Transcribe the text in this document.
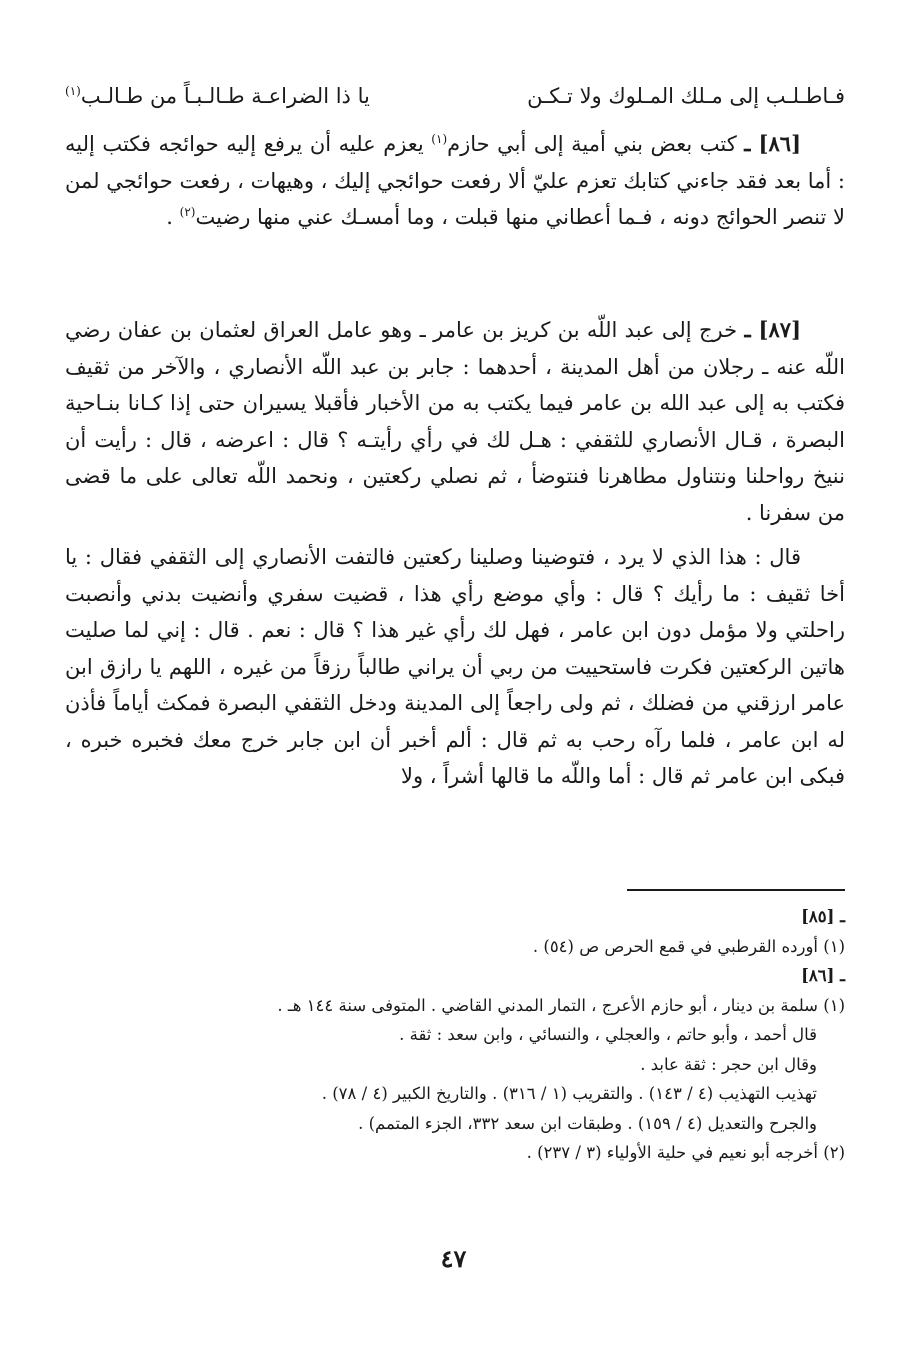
فـاطـلـب إلى مـلك المـلوك ولا تـكـن
يا ذا الضراعـة طـالـبـاً من طـالـب$^{(١)}$

[٨٦] ـ كتب بعض بني أمية إلى أبي حازم$^{(١)}$ يعزم عليه أن يرفع إليه حوائجه فكتب إليه : أما بعد فقد جاءني كتابك تعزم عليّ ألا رفعت حوائجي إليك ، وهيهات ، رفعت حوائجي لمن لا تنصر الحوائج دونه ، فـما أعطاني منها قبلت ، وما أمسـك عني منها رضيت$^{(٢)}$ .

[٨٧] ـ خرج إلى عبد اللّه بن كريز بن عامر ـ وهو عامل العراق لعثمان بن عفان رضي اللّه عنه ـ رجلان من أهل المدينة ، أحدهما : جابر بن عبد اللّه الأنصاري ، والآخر من ثقيف فكتب به إلى عبد الله بن عامر فيما يكتب به من الأخبار فأقبلا يسيران حتى إذا كـانا بنـاحية البصرة ، قـال الأنصاري للثقفي : هـل لك في رأي رأيتـه ؟ قال : اعرضه ، قال : رأيت أن ننيخ رواحلنا ونتناول مطاهرنا فنتوضأ ، ثم نصلي ركعتين ، ونحمد اللّه تعالى على ما قضى من سفرنا .

قال : هذا الذي لا يرد ، فتوضينا وصلينا ركعتين فالتفت الأنصاري إلى الثقفي فقال : يا أخا ثقيف : ما رأيك ؟ قال : وأي موضع رأي هذا ، قضيت سفري وأنضيت بدني وأنصبت راحلتي ولا مؤمل دون ابن عامر ، فهل لك رأي غير هذا ؟ قال : نعم . قال : إني لما صليت هاتين الركعتين فكرت فاستحييت من ربي أن يراني طالباً رزقاً من غيره ، اللهم يا رازق ابن عامر ارزقني من فضلك ، ثم ولى راجعاً إلى المدينة ودخل الثقفي البصرة فمكث أياماً فأذن له ابن عامر ، فلما رآه رحب به ثم قال : ألم أخبر أن ابن جابر خرج معك فخبره خبره ، فبكى ابن عامر ثم قال : أما واللّه ما قالها أشراً ، ولا

ـ [٨٥]

(١) أورده القرطبي في قمع الحرص ص (٥٤) .

ـ [٨٦]

(١) سلمة بن دينار ، أبو حازم الأعرج ، التمار المدني القاضي . المتوفى سنة ١٤٤ هـ .

قال أحمد ، وأبو حاتم ، والعجلي ، والنسائي ، وابن سعد : ثقة .

وقال ابن حجر : ثقة عابد .

تهذيب التهذيب (٤ / ١٤٣) . والتقريب (١ / ٣١٦) . والتاريخ الكبير (٤ / ٧٨) .

والجرح والتعديل (٤ / ١٥٩) . وطبقات ابن سعد ٣٣٢، الجزء المتمم) .

(٢) أخرجه أبو نعيم في حلية الأولياء (٣ / ٢٣٧) .

٤٧
